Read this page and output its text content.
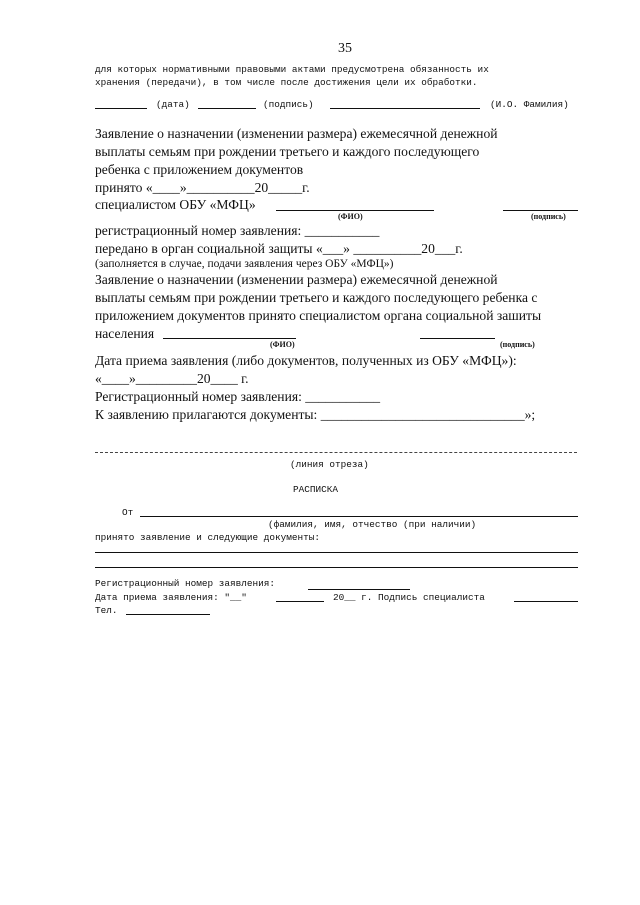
35
для которых нормативными правовыми актами предусмотрена обязанность их
хранения (передачи), в том числе после достижения цели их обработки.
(дата)	(подпись)	(И.О. Фамилия)
Заявление о назначении (изменении размера) ежемесячной денежной
выплаты семьям при рождении третьего и каждого последующего
ребенка с приложением документов
принято «____»__________20_____г.
специалистом ОБУ «МФЦ»
(ФИО)	(подпись)
регистрационный номер заявления: ___________
передано в орган социальной защиты «___» __________20___г.
(заполняется в случае, подачи заявления через ОБУ «МФЦ»)
Заявление о назначении (изменении размера) ежемесячной денежной
выплаты семьям при рождении третьего и каждого последующего ребенка с
приложением документов принято специалистом органа социальной зашиты
населения
(ФИО)	(подпись)
Дата приема заявления (либо документов, полученных из ОБУ «МФЦ»):
«____»_________20____ г.
Регистрационный номер заявления: ___________
К заявлению прилагаются документы: ______________________________»;
(линия отреза)
РАСПИСКА
От
(фамилия, имя, отчество (при наличии)
принято заявление и следующие документы:
Регистрационный номер заявления:
Дата приема заявления: "__"	20__ г. Подпись специалиста
Тел.
